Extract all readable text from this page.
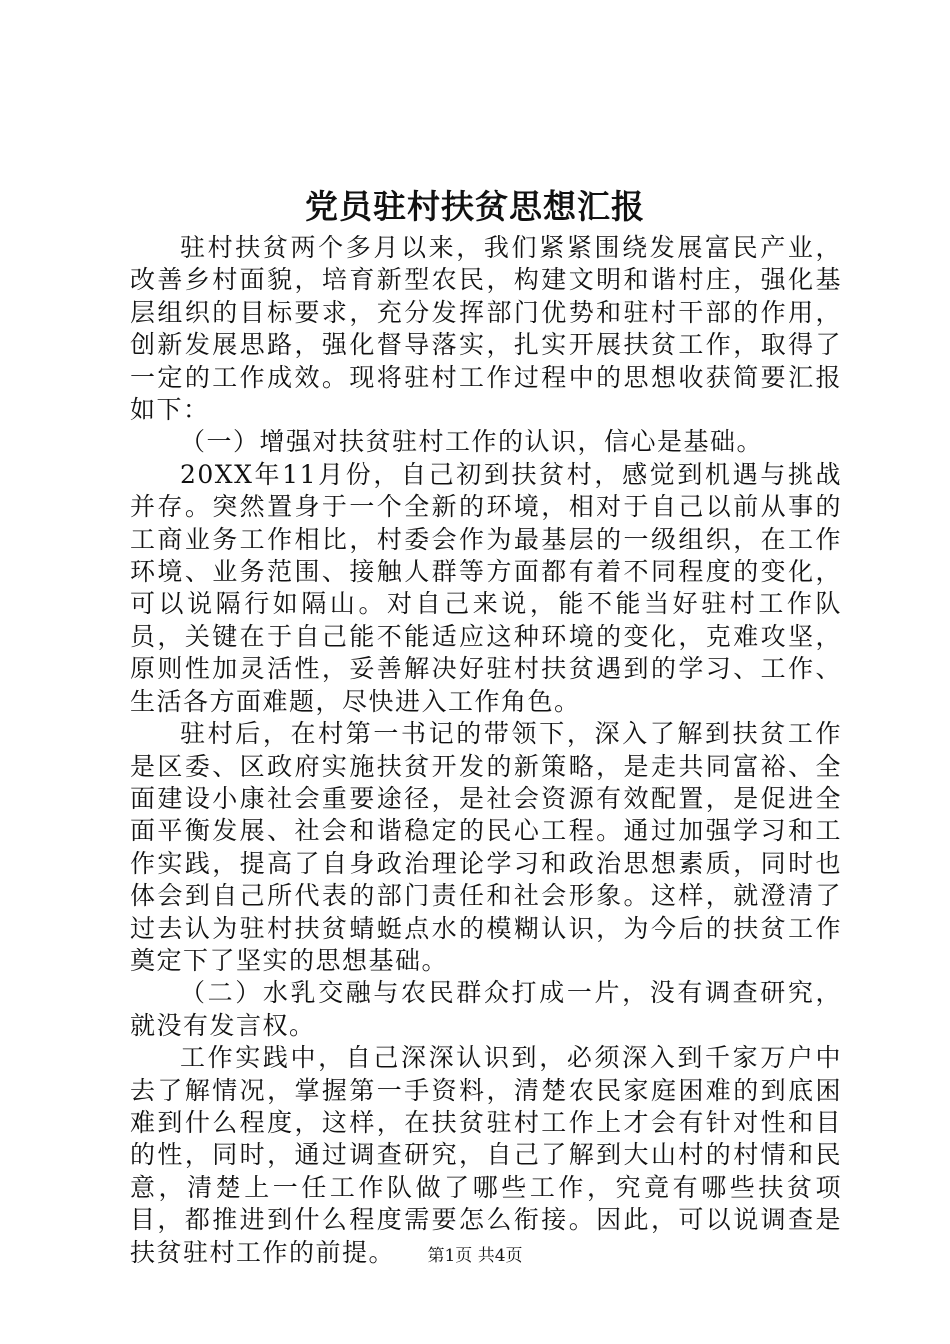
党员驻村扶贫思想汇报

驻村扶贫两个多月以来，我们紧紧围绕发展富民产业，改善乡村面貌，培育新型农民，构建文明和谐村庄，强化基层组织的目标要求，充分发挥部门优势和驻村干部的作用，创新发展思路，强化督导落实，扎实开展扶贫工作，取得了一定的工作成效。现将驻村工作过程中的思想收获简要汇报如下：

（一）增强对扶贫驻村工作的认识，信心是基础。

20XX年11月份，自己初到扶贫村，感觉到机遇与挑战并存。突然置身于一个全新的环境，相对于自己以前从事的工商业务工作相比，村委会作为最基层的一级组织，在工作环境、业务范围、接触人群等方面都有着不同程度的变化，可以说隔行如隔山。对自己来说，能不能当好驻村工作队员，关键在于自己能不能适应这种环境的变化，克难攻坚，原则性加灵活性，妥善解决好驻村扶贫遇到的学习、工作、生活各方面难题，尽快进入工作角色。

驻村后，在村第一书记的带领下，深入了解到扶贫工作是区委、区政府实施扶贫开发的新策略，是走共同富裕、全面建设小康社会重要途径，是社会资源有效配置，是促进全面平衡发展、社会和谐稳定的民心工程。通过加强学习和工作实践，提高了自身政治理论学习和政治思想素质，同时也体会到自己所代表的部门责任和社会形象。这样，就澄清了过去认为驻村扶贫蜻蜓点水的模糊认识，为今后的扶贫工作奠定下了坚实的思想基础。

（二）水乳交融与农民群众打成一片，没有调查研究，就没有发言权。

工作实践中，自己深深认识到，必须深入到千家万户中去了解情况，掌握第一手资料，清楚农民家庭困难的到底困难到什么程度，这样，在扶贫驻村工作上才会有针对性和目的性，同时，通过调查研究，自己了解到大山村的村情和民意，清楚上一任工作队做了哪些工作，究竟有哪些扶贫项目，都推进到什么程度需要怎么衔接。因此，可以说调查是扶贫驻村工作的前提。	第1页 共4页
